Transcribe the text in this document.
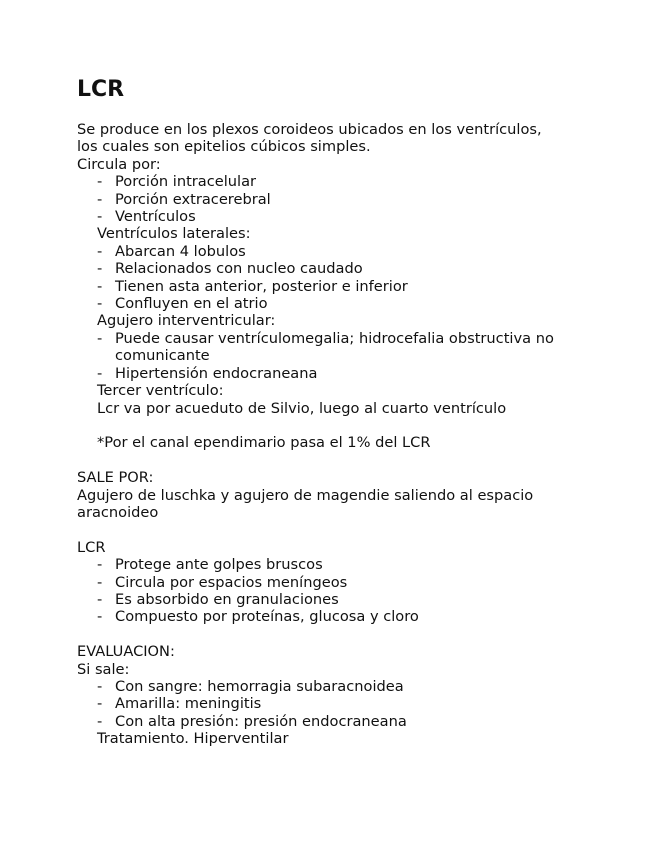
LCR
Se produce en los plexos coroideos ubicados en los ventrículos,
los cuales son epitelios cúbicos simples.
Circula por:
- Porción intracelular
- Porción extracerebral
- Ventrículos
Ventrículos laterales:
- Abarcan 4 lobulos
- Relacionados con nucleo caudado
- Tienen asta anterior, posterior e inferior
- Confluyen en el atrio
Agujero interventricular:
- Puede causar ventrículomegalia; hidrocefalia obstructiva no comunicante
- Hipertensión endocraneana
Tercer ventrículo:
Lcr va por acueduto de Silvio, luego al cuarto ventrículo
*Por el canal ependimario pasa el 1% del LCR
SALE POR:
Agujero de luschka y agujero de magendie saliendo al espacio aracnoideo
LCR
- Protege ante golpes bruscos
- Circula por espacios meníngeos
- Es absorbido en granulaciones
- Compuesto por proteínas, glucosa y cloro
EVALUACION:
Si sale:
- Con sangre: hemorragia subaracnoidea
- Amarilla: meningitis
- Con alta presión: presión endocraneana
Tratamiento. Hiperventilar
